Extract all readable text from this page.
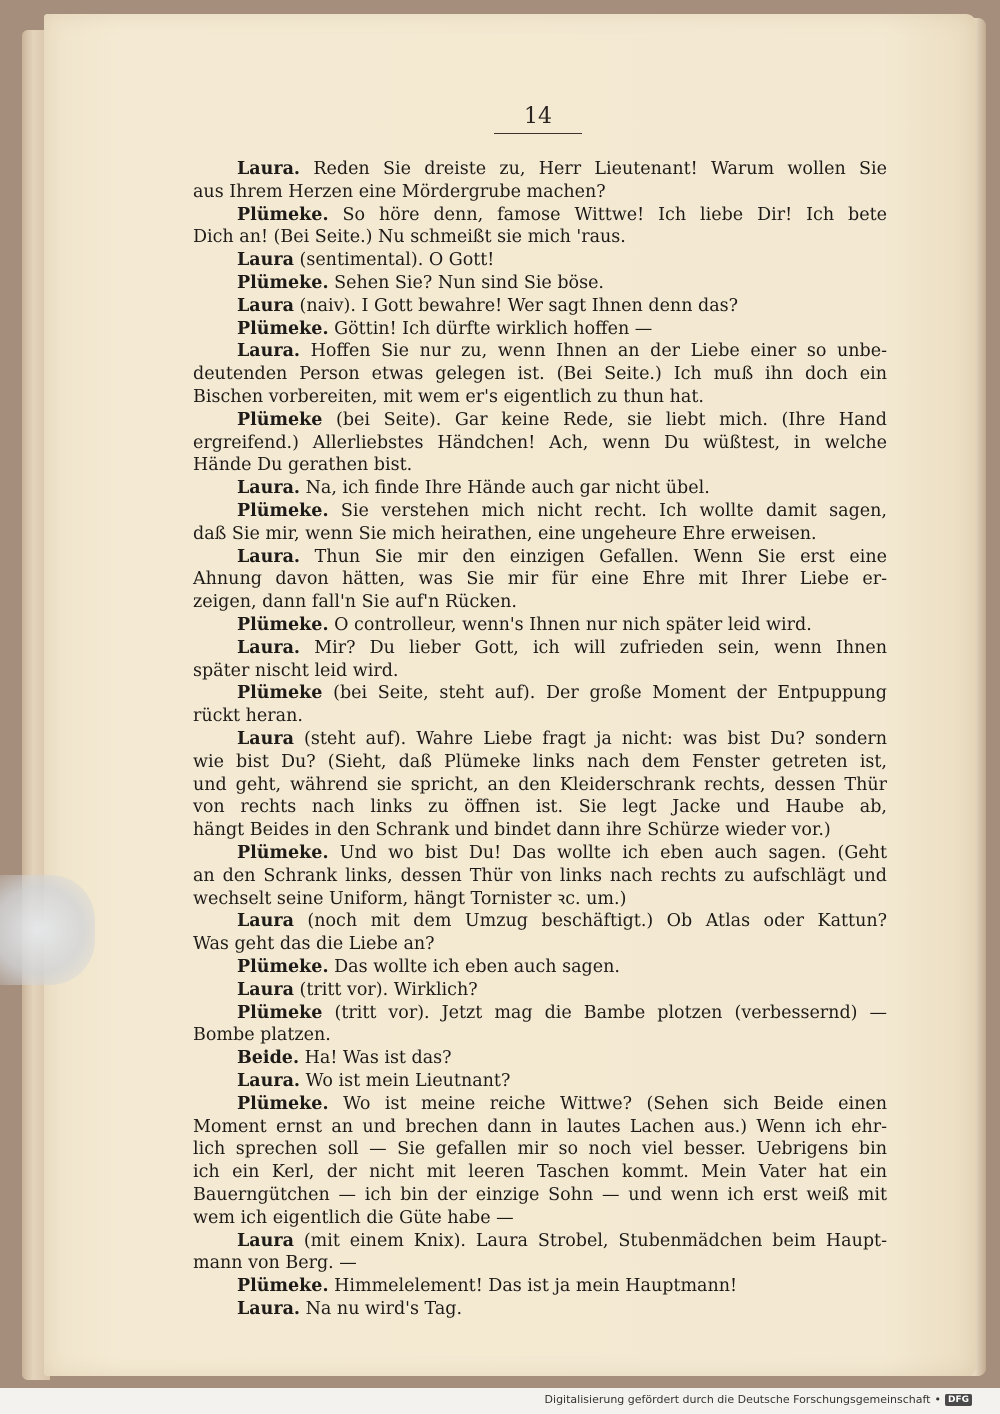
14
Laura. Reden Sie dreiste zu, Herr Lieutenant! Warum wollen Sie
aus Ihrem Herzen eine Mördergrube machen?
Plümeke. So höre denn, famose Wittwe! Ich liebe Dir! Ich bete
Dich an! (Bei Seite.) Nu schmeißt sie mich 'raus.
Laura (sentimental). O Gott!
Plümeke. Sehen Sie? Nun sind Sie böse.
Laura (naiv). I Gott bewahre! Wer sagt Ihnen denn das?
Plümeke. Göttin! Ich dürfte wirklich hoffen —
Laura. Hoffen Sie nur zu, wenn Ihnen an der Liebe einer so unbe-
deutenden Person etwas gelegen ist. (Bei Seite.) Ich muß ihn doch ein
Bischen vorbereiten, mit wem er's eigentlich zu thun hat.
Plümeke (bei Seite). Gar keine Rede, sie liebt mich. (Ihre Hand
ergreifend.) Allerliebstes Händchen! Ach, wenn Du wüßtest, in welche
Hände Du gerathen bist.
Laura. Na, ich finde Ihre Hände auch gar nicht übel.
Plümeke. Sie verstehen mich nicht recht. Ich wollte damit sagen,
daß Sie mir, wenn Sie mich heirathen, eine ungeheure Ehre erweisen.
Laura. Thun Sie mir den einzigen Gefallen. Wenn Sie erst eine
Ahnung davon hätten, was Sie mir für eine Ehre mit Ihrer Liebe er-
zeigen, dann fall'n Sie auf'n Rücken.
Plümeke. O controlleur, wenn's Ihnen nur nich später leid wird.
Laura. Mir? Du lieber Gott, ich will zufrieden sein, wenn Ihnen
später nischt leid wird.
Plümeke (bei Seite, steht auf). Der große Moment der Entpuppung
rückt heran.
Laura (steht auf). Wahre Liebe fragt ja nicht: was bist Du? sondern
wie bist Du? (Sieht, daß Plümeke links nach dem Fenster getreten ist,
und geht, während sie spricht, an den Kleiderschrank rechts, dessen Thür
von rechts nach links zu öffnen ist. Sie legt Jacke und Haube ab,
hängt Beides in den Schrank und bindet dann ihre Schürze wieder vor.)
Plümeke. Und wo bist Du! Das wollte ich eben auch sagen. (Geht
an den Schrank links, dessen Thür von links nach rechts zu aufschlägt und
wechselt seine Uniform, hängt Tornister ꝛc. um.)
Laura (noch mit dem Umzug beschäftigt.) Ob Atlas oder Kattun?
Was geht das die Liebe an?
Plümeke. Das wollte ich eben auch sagen.
Laura (tritt vor). Wirklich?
Plümeke (tritt vor). Jetzt mag die Bambe plotzen (verbessernd) —
Bombe platzen.
Beide. Ha! Was ist das?
Laura. Wo ist mein Lieutnant?
Plümeke. Wo ist meine reiche Wittwe? (Sehen sich Beide einen
Moment ernst an und brechen dann in lautes Lachen aus.) Wenn ich ehr-
lich sprechen soll — Sie gefallen mir so noch viel besser. Uebrigens bin
ich ein Kerl, der nicht mit leeren Taschen kommt. Mein Vater hat ein
Bauerngütchen — ich bin der einzige Sohn — und wenn ich erst weiß mit
wem ich eigentlich die Güte habe —
Laura (mit einem Knix). Laura Strobel, Stubenmädchen beim Haupt-
mann von Berg. —
Plümeke. Himmelelement! Das ist ja mein Hauptmann!
Laura. Na nu wird's Tag.
Digitalisierung gefördert durch die Deutsche Forschungsgemeinschaft • DFG
